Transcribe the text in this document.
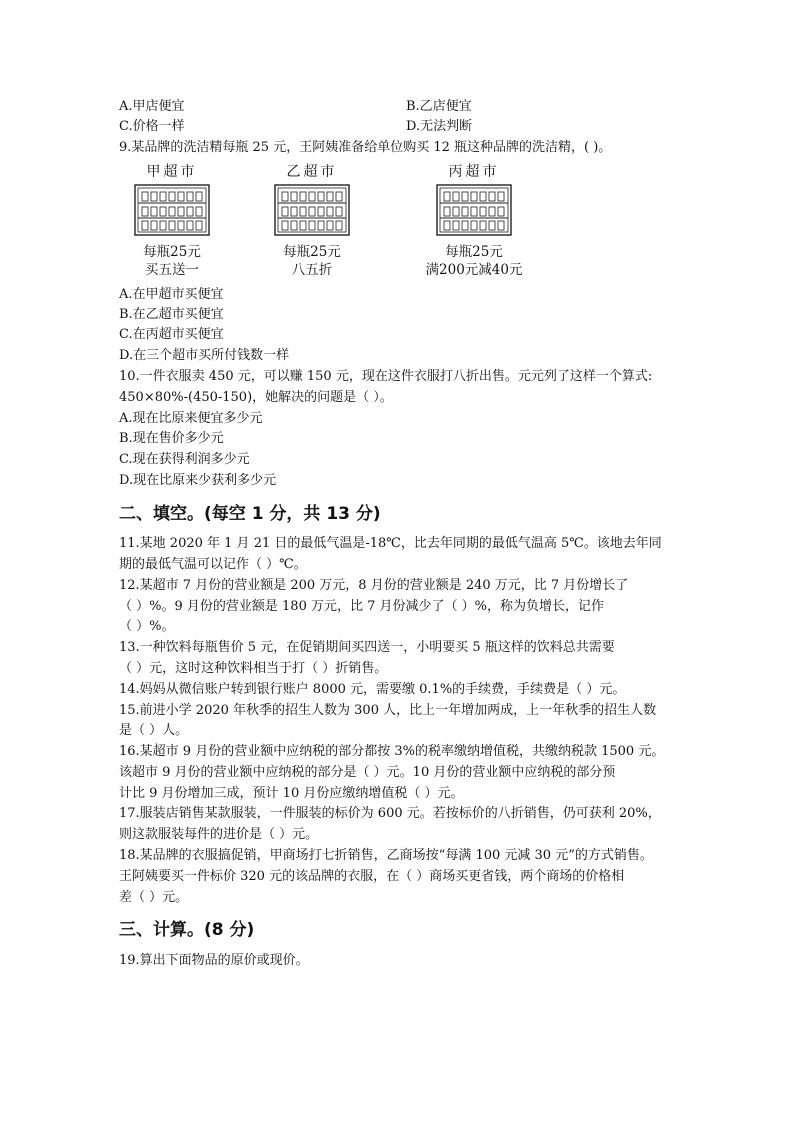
A.甲店便宜	B.乙店便宜
C.价格一样	D.无法判断
9.某品牌的洗洁精每瓶 25 元，王阿姨准备给单位购买 12 瓶这种品牌的洗洁精，( )。
甲超市
每瓶25元
买五送一
乙超市
每瓶25元
八五折
丙超市
每瓶25元
满200元减40元
A.在甲超市买便宜
B.在乙超市买便宜
C.在丙超市买便宜
D.在三个超市买所付钱数一样
10.一件衣服卖 450 元，可以赚 150 元，现在这件衣服打八折出售。元元列了这样一个算式:
450×80%-(450-150)，她解决的问题是（ ）。
A.现在比原来便宜多少元
B.现在售价多少元
C.现在获得利润多少元
D.现在比原来少获利多少元
二、填空。(每空 1 分，共 13 分)
11.某地 2020 年 1 月 21 日的最低气温是-18℃，比去年同期的最低气温高 5℃。该地去年同
期的最低气温可以记作（ ）℃。
12.某超市 7 月份的营业额是 200 万元，8 月份的营业额是 240 万元，比 7 月份增长了
（ ）%。9 月份的营业额是 180 万元，比 7 月份减少了（ ）%，称为负增长，记作
（ ）%。
13.一种饮料每瓶售价 5 元，在促销期间买四送一，小明要买 5 瓶这样的饮料总共需要
（ ）元，这时这种饮料相当于打（ ）折销售。
14.妈妈从微信账户转到银行账户 8000 元，需要缴 0.1%的手续费，手续费是（ ）元。
15.前进小学 2020 年秋季的招生人数为 300 人，比上一年增加两成，上一年秋季的招生人数
是（ ）人。
16.某超市 9 月份的营业额中应纳税的部分都按 3%的税率缴纳增值税，共缴纳税款 1500 元。
该超市 9 月份的营业额中应纳税的部分是（ ）元。10 月份的营业额中应纳税的部分预
计比 9 月份增加三成，预计 10 月份应缴纳增值税（ ）元。
17.服装店销售某款服装，一件服装的标价为 600 元。若按标价的八折销售，仍可获利 20%，
则这款服装每件的进价是（ ）元。
18.某品牌的衣服搞促销，甲商场打七折销售，乙商场按“每满 100 元减 30 元”的方式销售。
王阿姨要买一件标价 320 元的该品牌的衣服，在（ ）商场买更省钱，两个商场的价格相
差（ ）元。
三、计算。(8 分)
19.算出下面物品的原价或现价。
